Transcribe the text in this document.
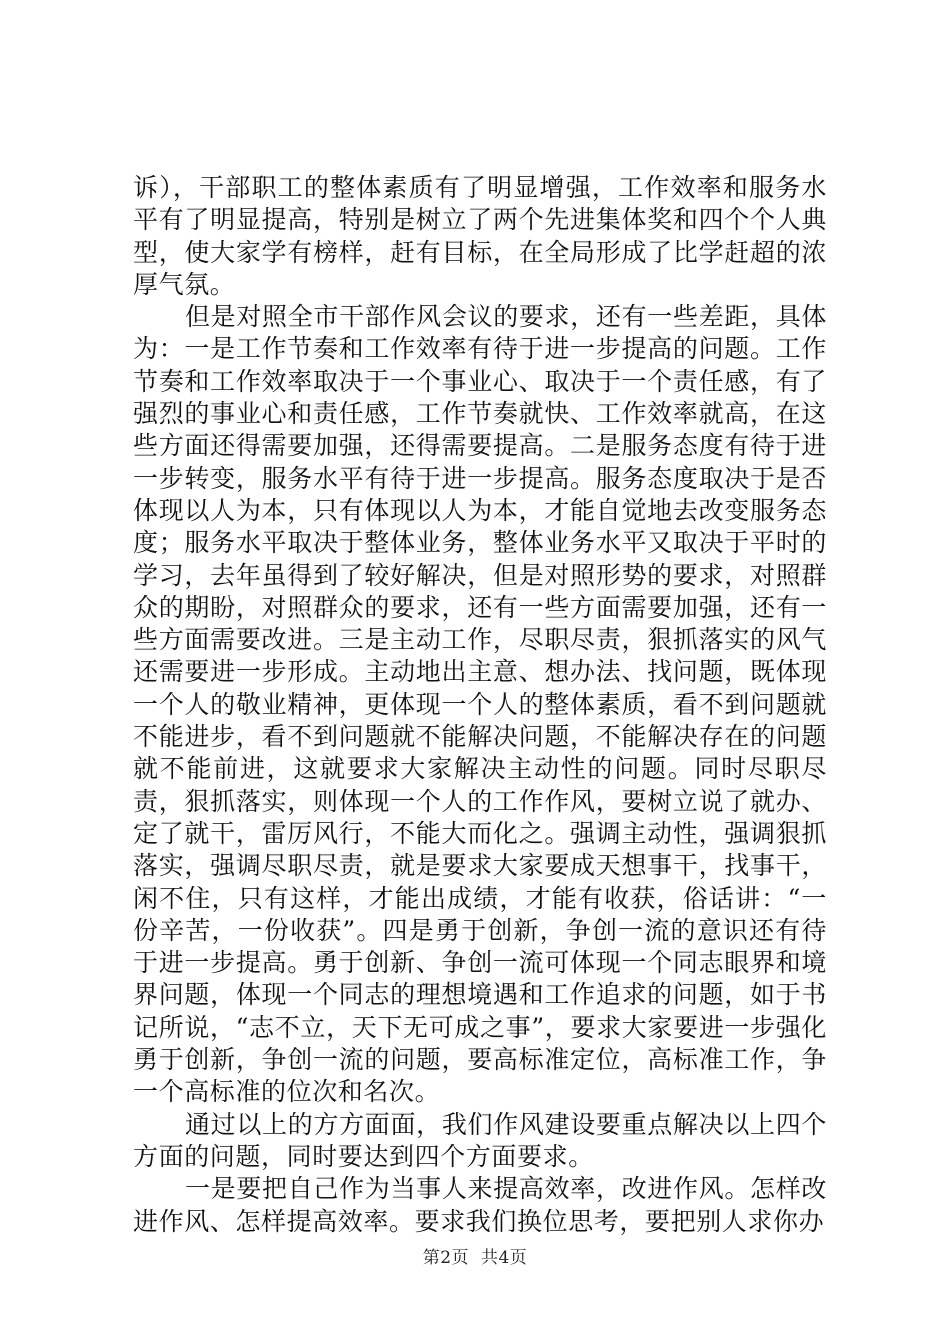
诉），干部职工的整体素质有了明显增强，工作效率和服务水平有了明显提高，特别是树立了两个先进集体奖和四个个人典型，使大家学有榜样，赶有目标，在全局形成了比学赶超的浓厚气氛。

但是对照全市干部作风会议的要求，还有一些差距，具体为：一是工作节奏和工作效率有待于进一步提高的问题。工作节奏和工作效率取决于一个事业心、取决于一个责任感，有了强烈的事业心和责任感，工作节奏就快、工作效率就高，在这些方面还得需要加强，还得需要提高。二是服务态度有待于进一步转变，服务水平有待于进一步提高。服务态度取决于是否体现以人为本，只有体现以人为本，才能自觉地去改变服务态度；服务水平取决于整体业务，整体业务水平又取决于平时的学习，去年虽得到了较好解决，但是对照形势的要求，对照群众的期盼，对照群众的要求，还有一些方面需要加强，还有一些方面需要改进。三是主动工作，尽职尽责，狠抓落实的风气还需要进一步形成。主动地出主意、想办法、找问题，既体现一个人的敬业精神，更体现一个人的整体素质，看不到问题就不能进步，看不到问题就不能解决问题，不能解决存在的问题就不能前进，这就要求大家解决主动性的问题。同时尽职尽责，狠抓落实，则体现一个人的工作作风，要树立说了就办、定了就干，雷厉风行，不能大而化之。强调主动性，强调狠抓落实，强调尽职尽责，就是要求大家要成天想事干，找事干，闲不住，只有这样，才能出成绩，才能有收获，俗话讲：“一份辛苦，一份收获”。四是勇于创新，争创一流的意识还有待于进一步提高。勇于创新、争创一流可体现一个同志眼界和境界问题，体现一个同志的理想境遇和工作追求的问题，如于书记所说，“志不立，天下无可成之事”，要求大家要进一步强化勇于创新，争创一流的问题，要高标准定位，高标准工作，争一个高标准的位次和名次。

通过以上的方方面面，我们作风建设要重点解决以上四个方面的问题，同时要达到四个方面要求。

一是要把自己作为当事人来提高效率，改进作风。怎样改进作风、怎样提高效率。要求我们换位思考，要把别人求你办

第2页 共4页
